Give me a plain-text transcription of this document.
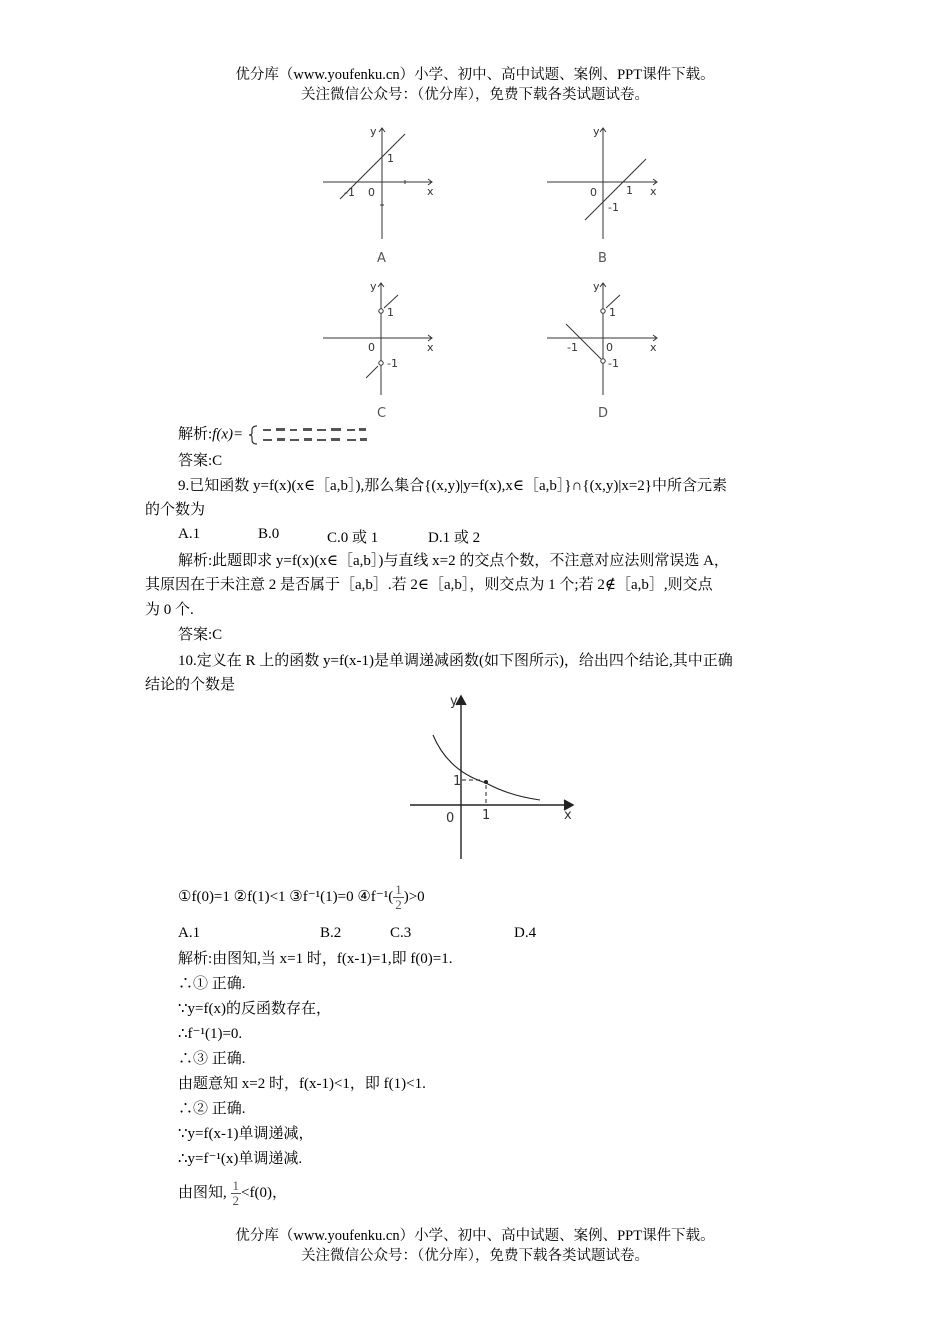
优分库（www.youfenku.cn）小学、初中、高中试题、案例、PPT课件下载。
关注微信公众号：（优分库），免费下载各类试题试卷。
y
x
0
1
-1
y
x
0	1
-1
y
x
0
1
-1
y
x
0
1
-1
-1
A	B
C	D
解析:f(x)=
答案:C
9.已知函数 y=f(x)(x∈［a,b］),那么集合{(x,y)|y=f(x),x∈［a,b］}∩{(x,y)|x=2}中所含元素
的个数为
A.1	B.0	C.0 或 1	D.1 或 2
解析:此题即求 y=f(x)(x∈［a,b］)与直线 x=2 的交点个数，不注意对应法则常误选 A，
其原因在于未注意 2 是否属于［a,b］.若 2∈［a,b］，则交点为 1 个;若 2∉［a,b］,则交点
为 0 个.
答案:C
10.定义在 R 上的函数 y=f(x-1)是单调递减函数(如下图所示)，给出四个结论,其中正确
结论的个数是
y
x
0
1
1
①f(0)=1 ②f(1)<1 ③f⁻¹(1)=0 ④f⁻¹( $\frac{1}{2} )>0$
A.1	B.2	C.3	D.4
解析:由图知,当 x=1 时，f(x-1)=1,即 f(0)=1.
∴① 正确.
∵y=f(x)的反函数存在，
∴f⁻¹(1)=0.
∴③ 正确.
由题意知 x=2 时，f(x-1)<1，即 f(1)<1.
∴② 正确.
∵y=f(x-1)单调递减，
∴y=f⁻¹(x)单调递减.
由图知, $\frac{1}{2} <f(0)$，
优分库（www.youfenku.cn）小学、初中、高中试题、案例、PPT课件下载。
关注微信公众号：（优分库），免费下载各类试题试卷。
